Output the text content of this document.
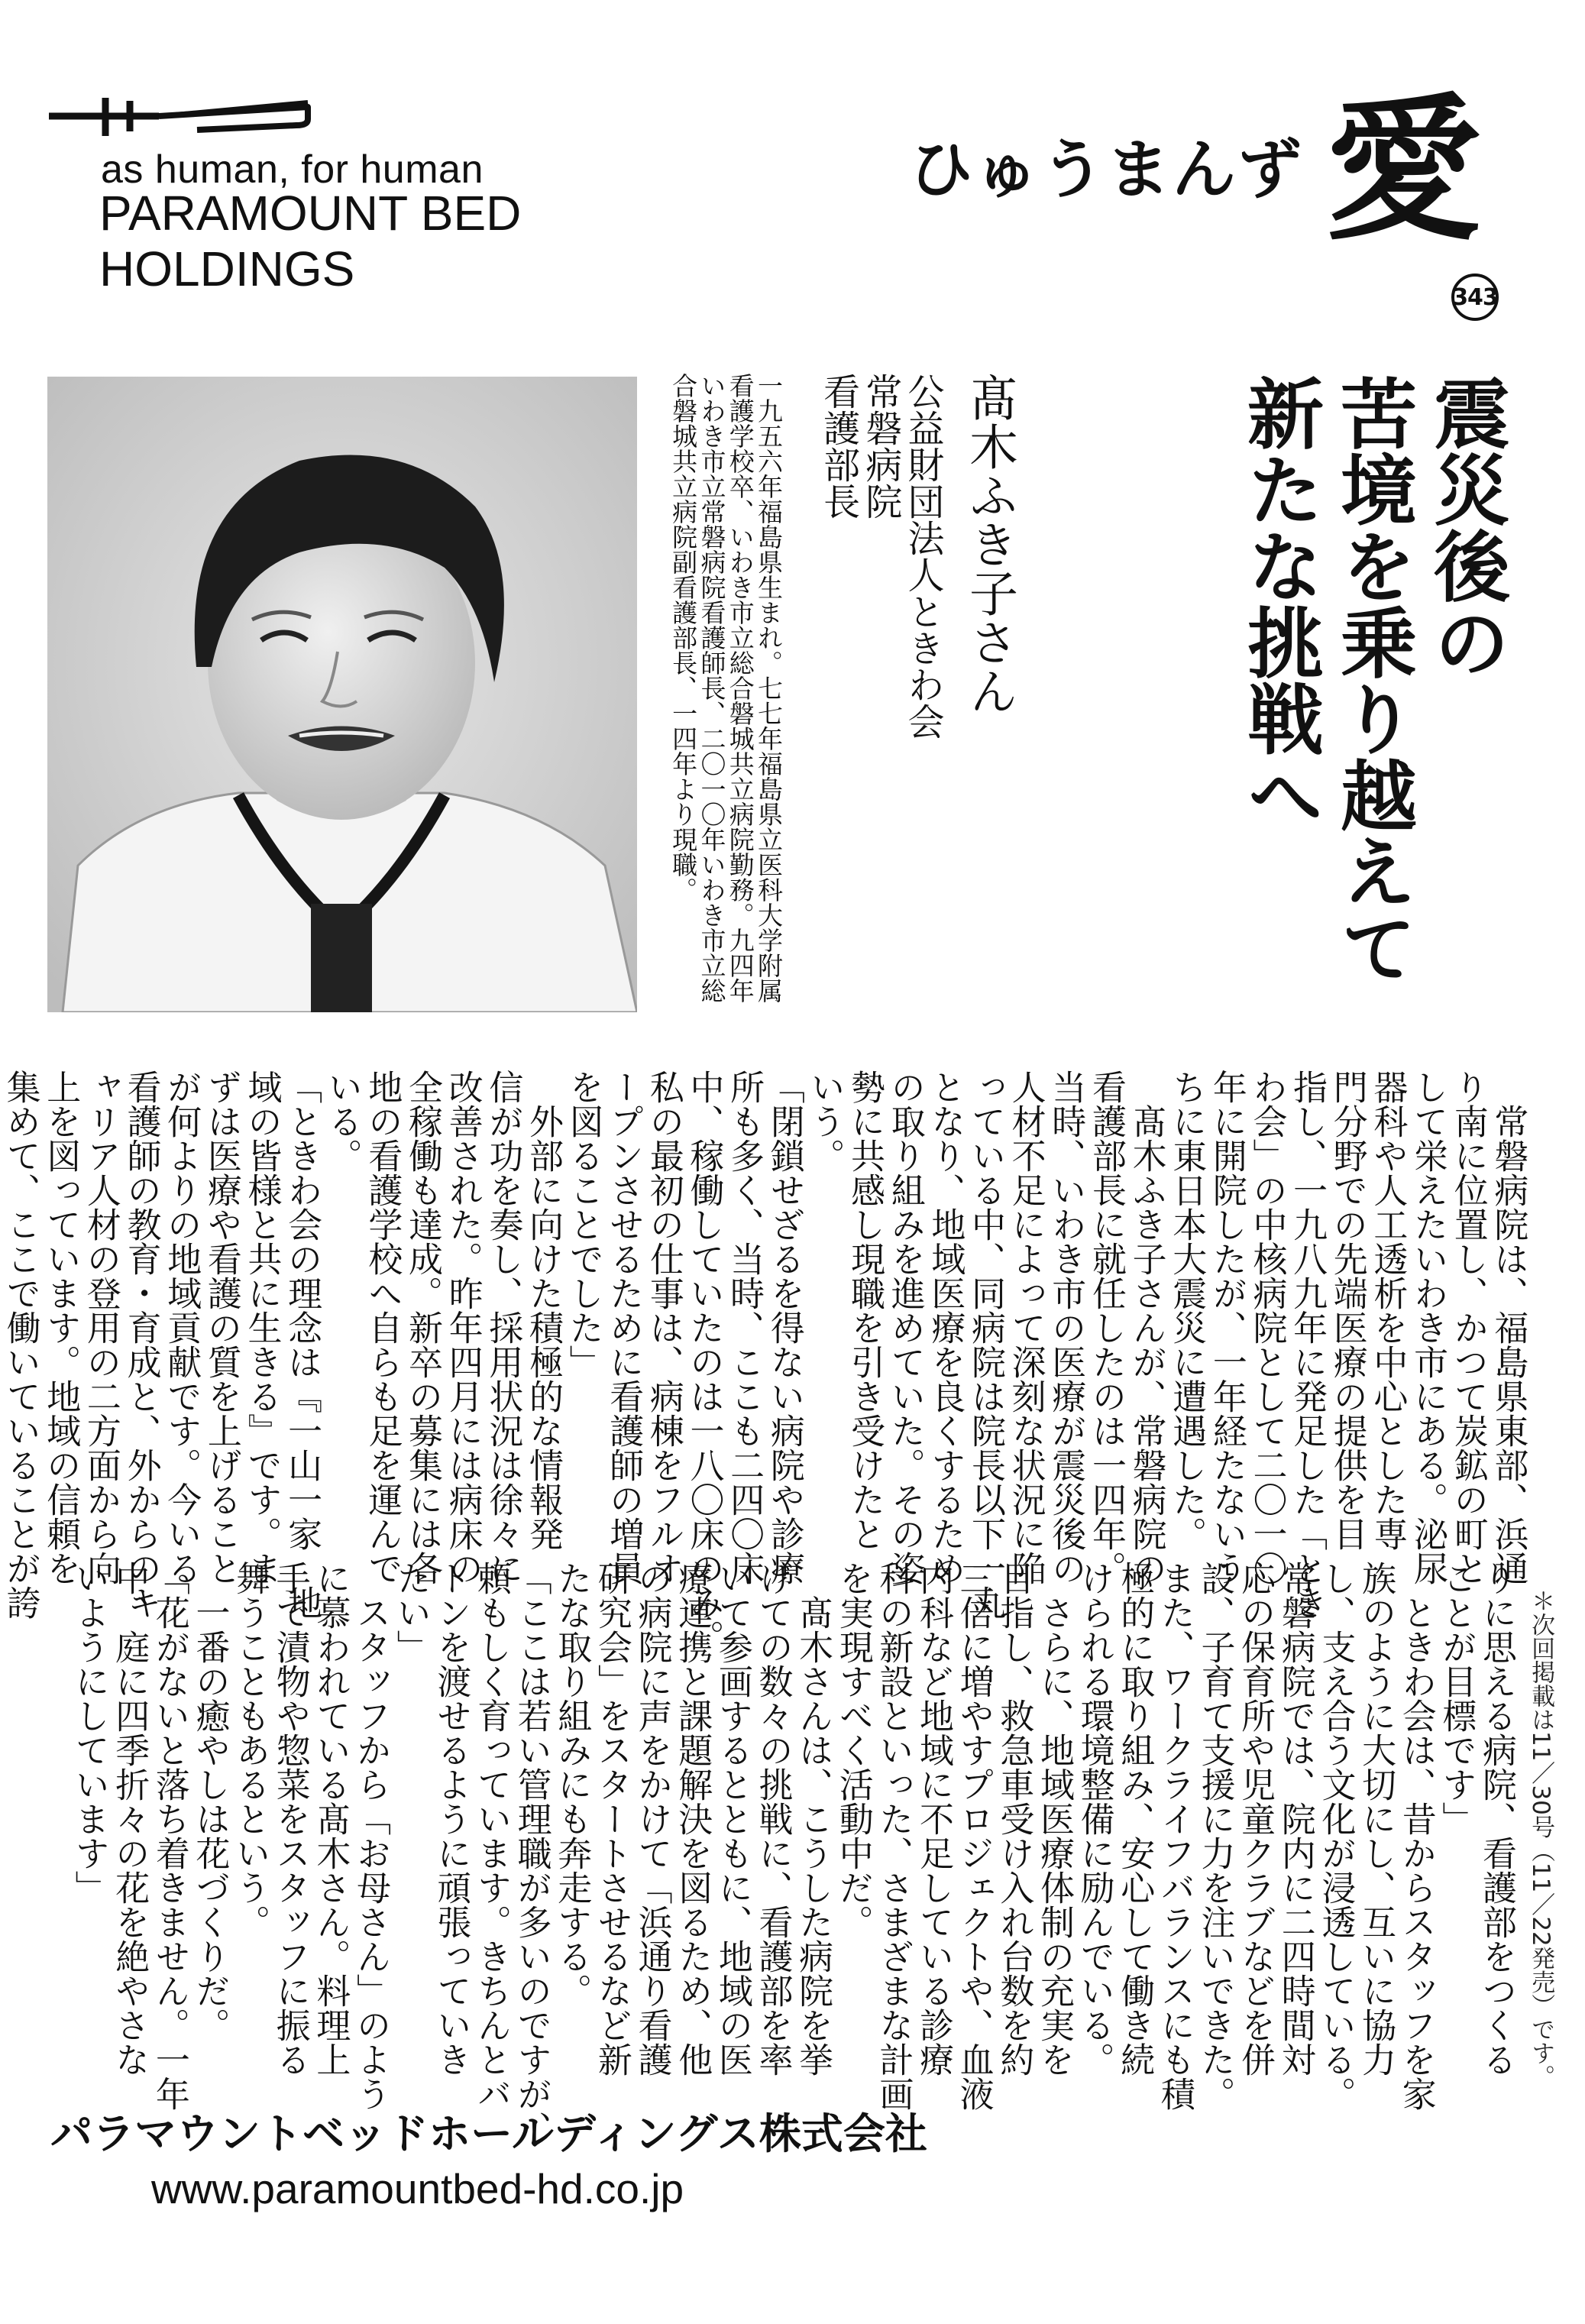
as human, for human
PARAMOUNT BED
HOLDINGS
ひゅうまんず 愛
343
震災後の
苦境を乗り越えて
新たな挑戦へ
髙木ふき子さん
公益財団法人ときわ会
常磐病院
看護部長
一九五六年福島県生まれ。七七年福島県立医科大学附属
看護学校卒、いわき市立総合磐城共立病院勤務。九四年
いわき市立常磐病院看護師長、二〇一〇年いわき市立総
合磐城共立病院副看護部長、一四年より現職。
　常磐病院は、福島県東部、浜通
り南に位置し、かつて炭鉱の町と
して栄えたいわき市にある。泌尿
器科や人工透析を中心とした専
門分野での先端医療の提供を目
指し、一九八九年に発足した「とき
わ会」の中核病院として二〇一〇
年に開院したが、一年経たないう
ちに東日本大震災に遭遇した。
　髙木ふき子さんが、常磐病院の
看護部長に就任したのは一四年。
当時、いわき市の医療が震災後の
人材不足によって深刻な状況に陥
っている中、同病院は院長以下一丸
となり、地域医療を良くするため
の取り組みを進めていた。その姿
勢に共感し現職を引き受けたと
いう。
「閉鎖せざるを得ない病院や診療
所も多く、当時、ここも二四〇床
中、稼働していたのは一八〇床のみ。
私の最初の仕事は、病棟をフルオ
ープンさせるために看護師の増員
を図ることでした」
　外部に向けた積極的な情報発
信が功を奏し、採用状況は徐々に
改善された。昨年四月には病床の
全稼働も達成。新卒の募集には各
地の看護学校へ自らも足を運んで
いる。
「ときわ会の理念は『一山一家　地
域の皆様と共に生きる』です。ま
ずは医療や看護の質を上げること
が何よりの地域貢献です。今いる
看護師の教育・育成と、外からのキ
ャリア人材の登用の二方面から向
上を図っています。地域の信頼を
集めて、ここで働いていることが誇
りに思える病院、看護部をつくる
ことが目標です」
　ときわ会は、昔からスタッフを家
族のように大切にし、互いに協力
し、支え合う文化が浸透している。
常磐病院では、院内に二四時間対
応の保育所や児童クラブなどを併
設、子育て支援に力を注いできた。
また、ワークライフバランスにも積
極的に取り組み、安心して働き続
けられる環境整備に励んでいる。
　さらに、地域医療体制の充実を
目指し、救急車受け入れ台数を約
三倍に増やすプロジェクトや、血液
内科など地域に不足している診療
科の新設といった、さまざまな計画
を実現すべく活動中だ。
　髙木さんは、こうした病院を挙
げての数々の挑戦に、看護部を率
いて参画するとともに、地域の医
療連携と課題解決を図るため、他
の病院に声をかけて「浜通り看護
研究会」をスタートさせるなど新
たな取り組みにも奔走する。
「ここは若い管理職が多いのですが、
頼もしく育っています。きちんとバ
トンを渡せるように頑張っていき
たい」
　スタッフから「お母さん」のよう
に慕われている髙木さん。料理上
手で漬物や惣菜をスタッフに振る
舞うこともあるという。
　一番の癒やしは花づくりだ。
「花がないと落ち着きません。一年
中、庭に四季折々の花を絶やさな
いようにしています」	＊次回掲載は11／30号（11／22発売）です。
パラマウントベッドホールディングス株式会社
www.paramountbed-hd.co.jp
